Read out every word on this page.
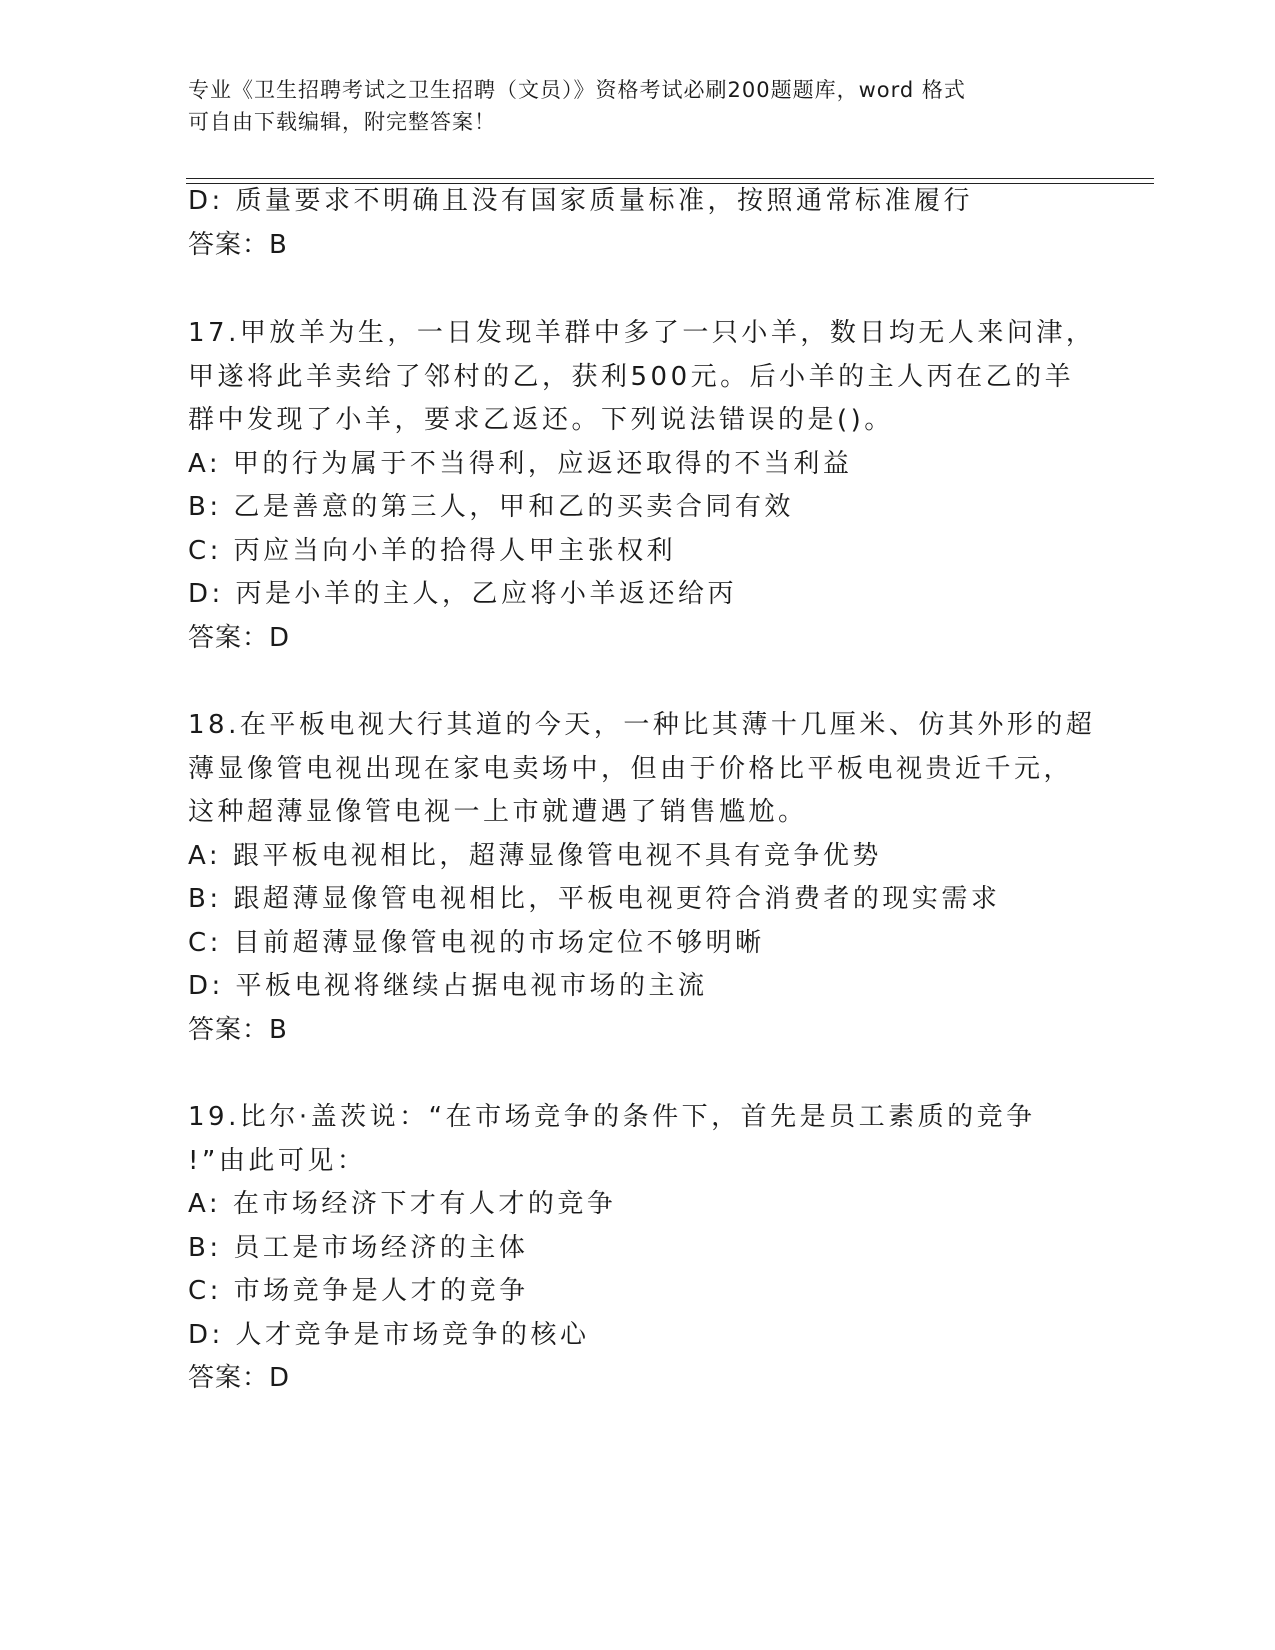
专业《卫生招聘考试之卫生招聘（文员）》资格考试必刷200题题库，word 格式
可自由下载编辑，附完整答案！
D: 质量要求不明确且没有国家质量标准，按照通常标准履行
答案：B
17.甲放羊为生，一日发现羊群中多了一只小羊，数日均无人来问津，
甲遂将此羊卖给了邻村的乙，获利500元。后小羊的主人丙在乙的羊
群中发现了小羊，要求乙返还。下列说法错误的是()。
A: 甲的行为属于不当得利，应返还取得的不当利益
B: 乙是善意的第三人，甲和乙的买卖合同有效
C: 丙应当向小羊的拾得人甲主张权利
D: 丙是小羊的主人，乙应将小羊返还给丙
答案：D
18.在平板电视大行其道的今天，一种比其薄十几厘米、仿其外形的超
薄显像管电视出现在家电卖场中，但由于价格比平板电视贵近千元，
这种超薄显像管电视一上市就遭遇了销售尴尬。
A: 跟平板电视相比，超薄显像管电视不具有竞争优势
B: 跟超薄显像管电视相比，平板电视更符合消费者的现实需求
C: 目前超薄显像管电视的市场定位不够明晰
D: 平板电视将继续占据电视市场的主流
答案：B
19.比尔·盖茨说：“在市场竞争的条件下，首先是员工素质的竞争
!”由此可见：
A: 在市场经济下才有人才的竞争
B: 员工是市场经济的主体
C: 市场竞争是人才的竞争
D: 人才竞争是市场竞争的核心
答案：D
